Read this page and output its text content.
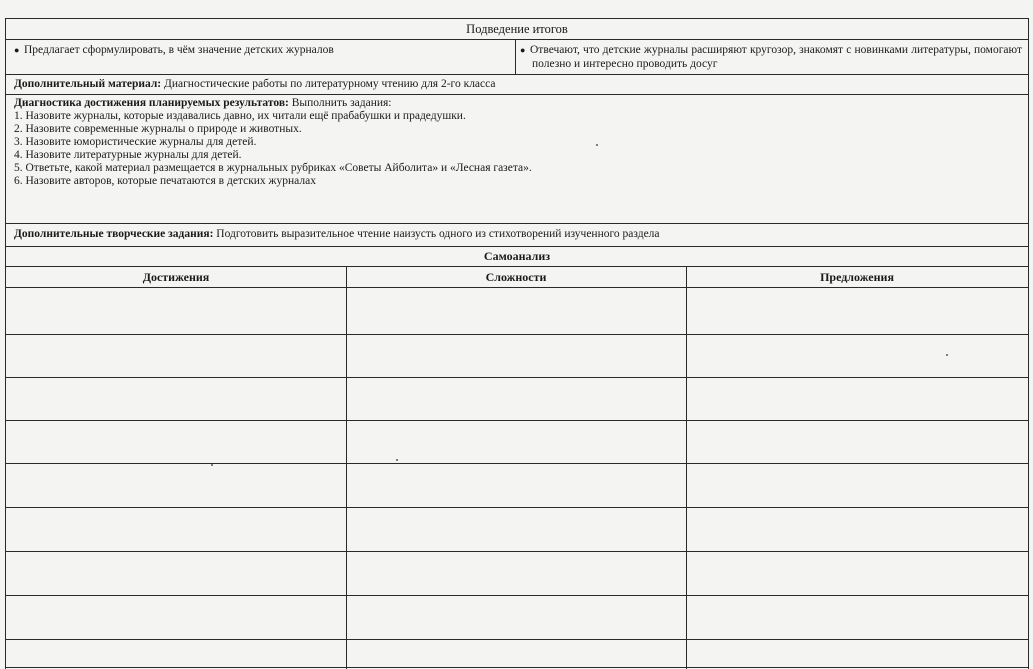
Подведение итогов
● Предлагает сформулировать, в чём значение детских журналов	● Отвечают, что детские журналы расширяют кругозор, знакомят с новинками литературы, помогают полезно и интересно проводить досуг
Дополнительный материал: Диагностические работы по литературному чтению для 2-го класса
Диагностика достижения планируемых результатов: Выполнить задания:
1. Назовите журналы, которые издавались давно, их читали ещё прабабушки и прадедушки.
2. Назовите современные журналы о природе и животных.
3. Назовите юмористические журналы для детей.
4. Назовите литературные журналы для детей.
5. Ответьте, какой материал размещается в журнальных рубриках «Советы Айболита» и «Лесная газета».
6. Назовите авторов, которые печатаются в детских журналах
Дополнительные творческие задания: Подготовить выразительное чтение наизусть одного из стихотворений изученного раздела
Самоанализ
Достижения	Сложности	Предложения
